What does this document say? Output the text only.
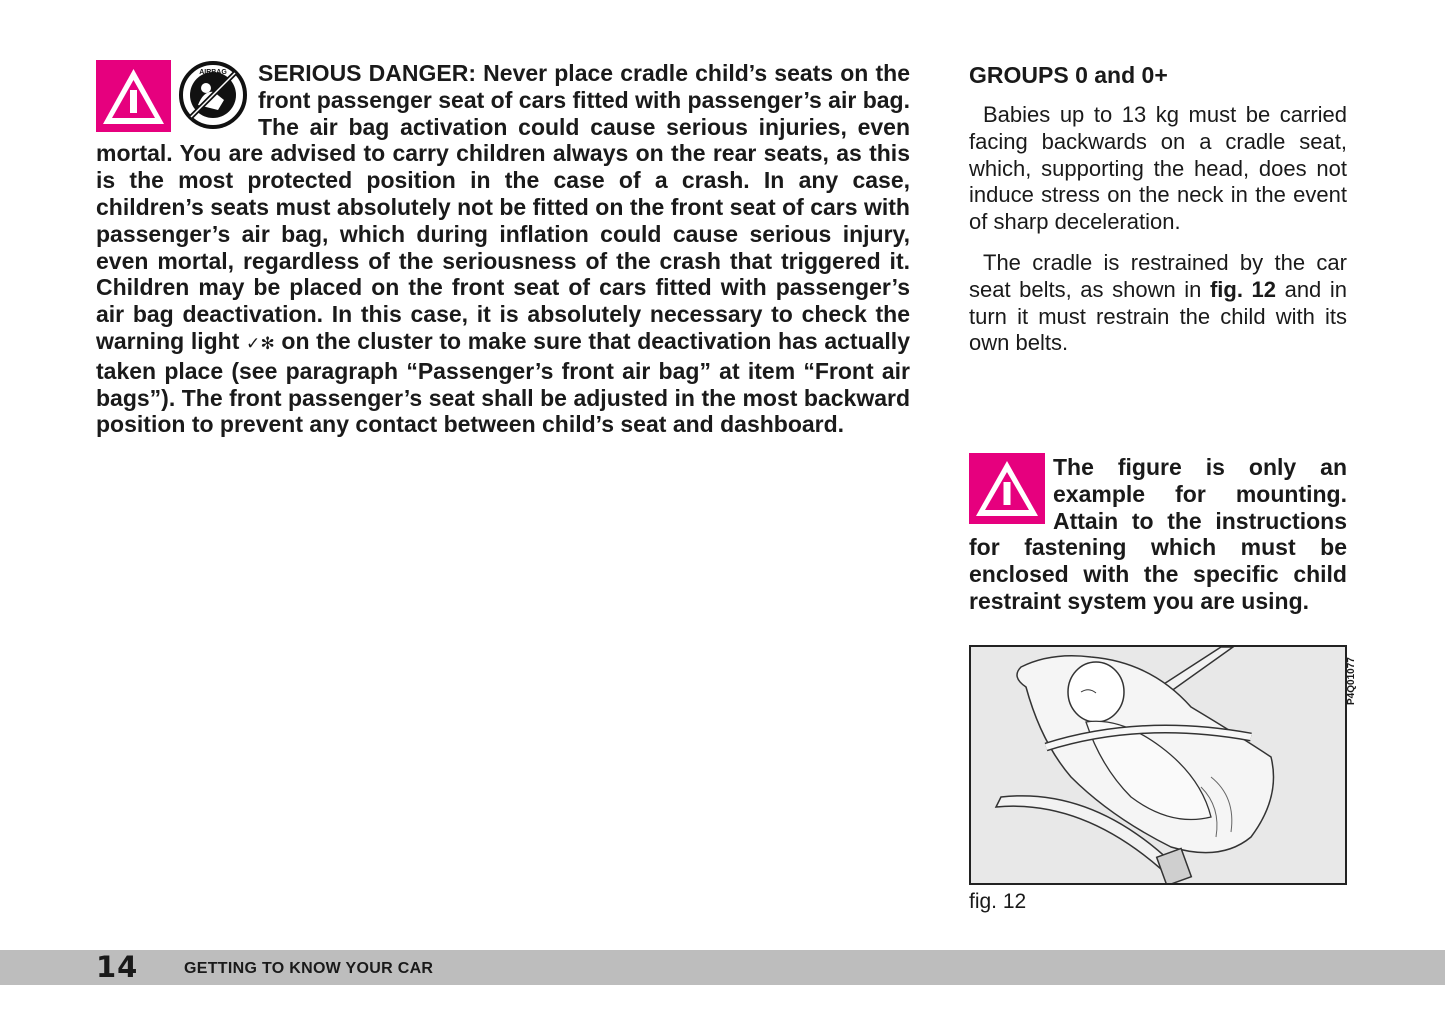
AIRBAG	SERIOUS DANGER: Never place cradle child’s seats on the front passenger seat of cars fitted with passenger’s air bag. The air bag activation could cause serious injuries, even mortal. You are advised to carry children always on the rear seats, as this is the most protected position in the case of a crash. In any case, children’s seats must absolutely not be fitted on the front seat of cars with passenger’s air bag, which during inflation could cause serious injury, even mortal, regardless of the seriousness of the crash that triggered it. Children may be placed on the front seat of cars fitted with passenger’s air bag deactivation. In this case, it is absolutely necessary to check the warning light ✓✻ on the cluster to make sure that deactivation has actually taken place (see paragraph “Passenger’s front air bag” at item “Front air bags”). The front passenger’s seat shall be adjusted in the most backward position to prevent any contact between child’s seat and dashboard.

GROUPS 0 and 0+

Babies up to 13 kg must be carried facing backwards on a cradle seat, which, supporting the head, does not induce stress on the neck in the event of sharp deceleration.

The cradle is restrained by the car seat belts, as shown in fig. 12 and in turn it must restrain the child with its own belts.

The figure is only an example for mounting. Attain to the instructions for fastening which must be enclosed with the specific child restraint system you are using.

P4Q01077
fig. 12
14	GETTING TO KNOW YOUR CAR
